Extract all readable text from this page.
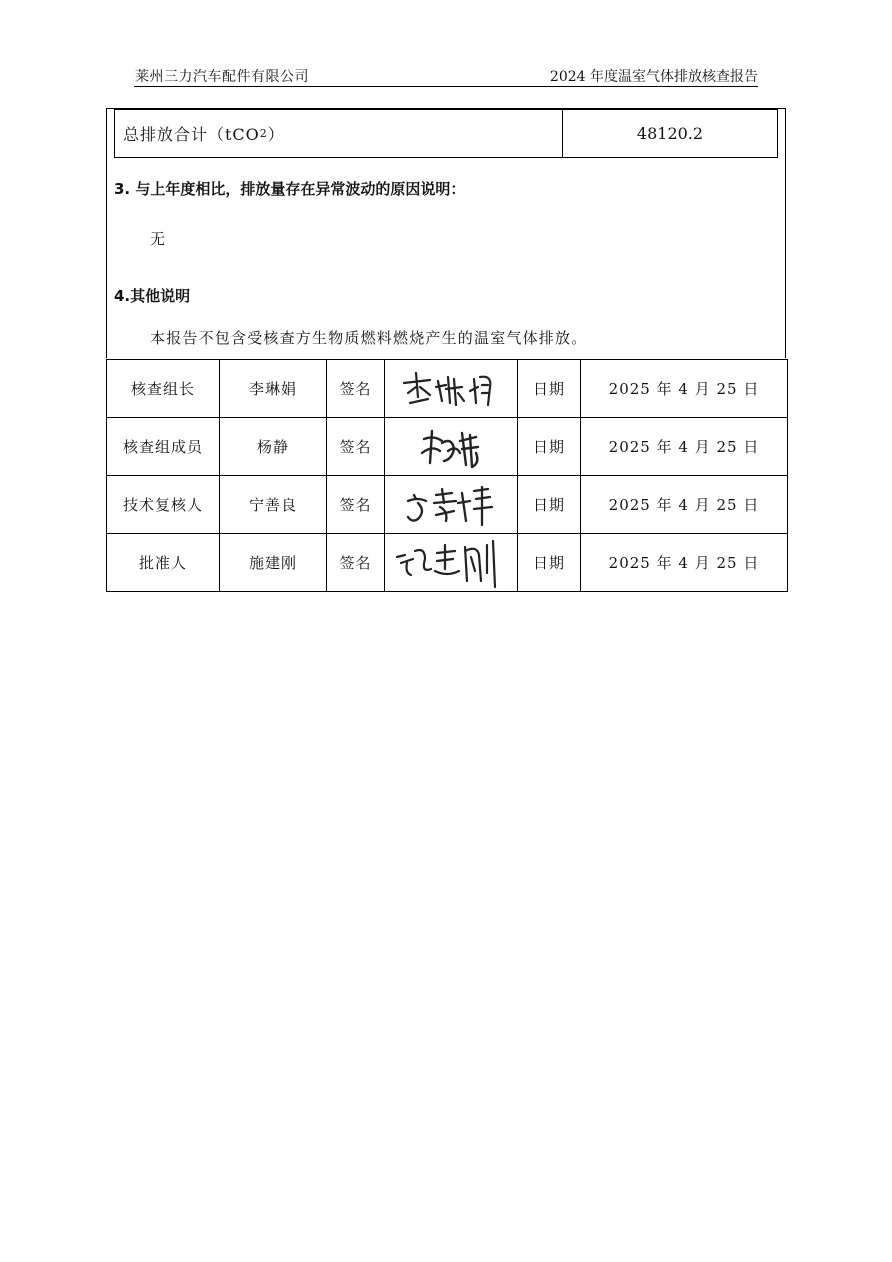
莱州三力汽车配件有限公司	2024 年度温室气体排放核查报告
总排放合计（tCO 2 ）	48120.2
3. 与上年度相比，排放量存在异常波动的原因说明：
无
4.其他说明
本报告不包含受核查方生物质燃料燃烧产生的温室气体排放。
核查组长	李琳娟	签名		日期	2025 年 4 月 25 日
核查组成员	杨静	签名		日期	2025 年 4 月 25 日
技术复核人	宁善良	签名		日期	2025 年 4 月 25 日
批准人	施建刚	签名		日期	2025 年 4 月 25 日
